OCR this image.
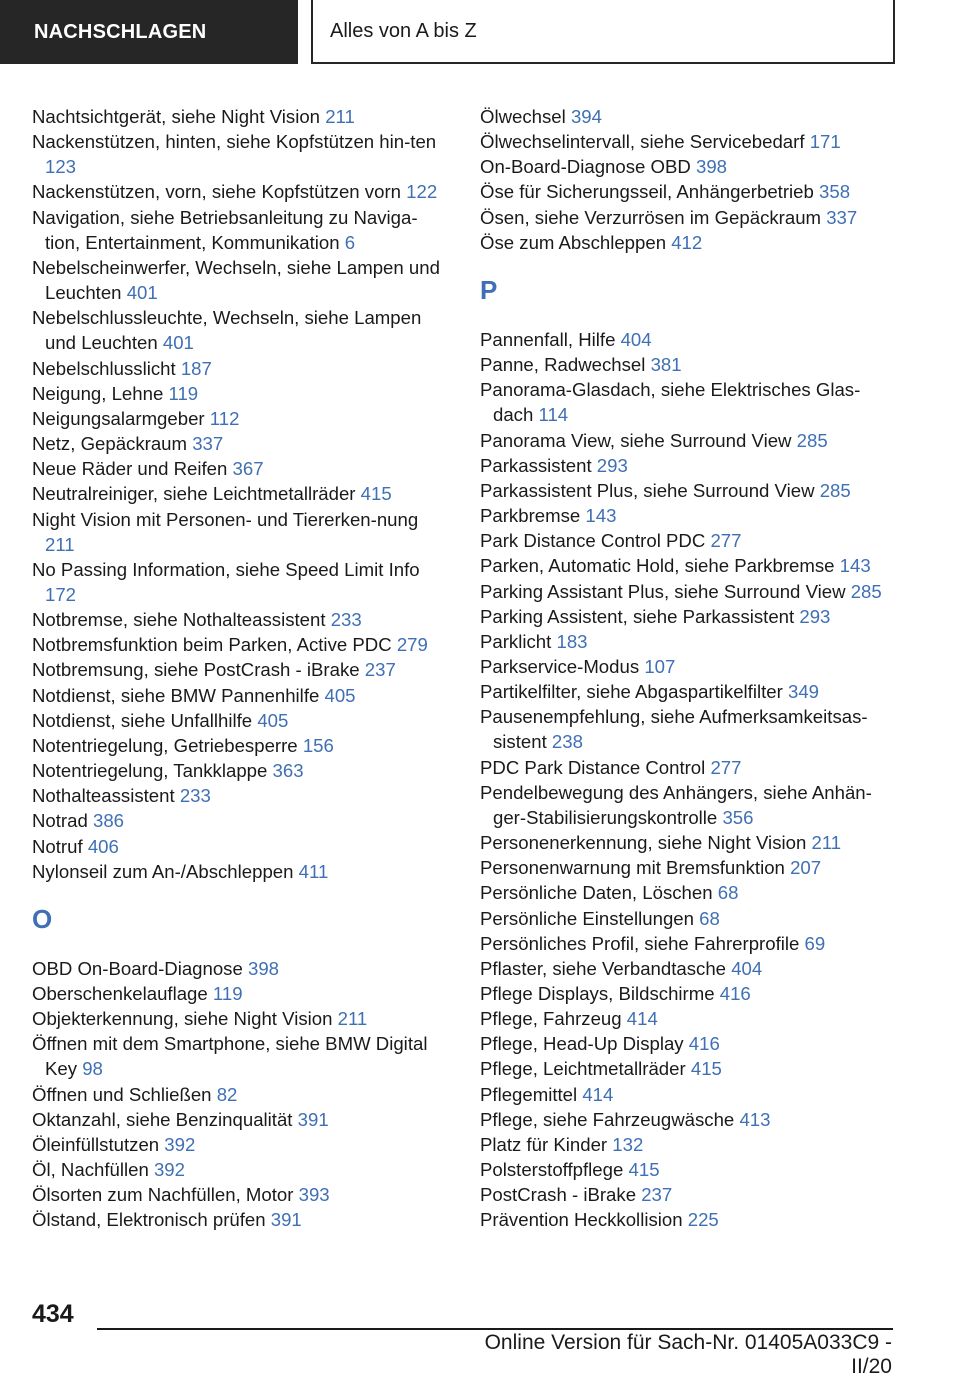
NACHSCHLAGEN	Alles von A bis Z

Nachtsichtgerät, siehe Night Vision 211

Nackenstützen, hinten, siehe Kopfstützen hin‐ten 123

Nackenstützen, vorn, siehe Kopfstützen vorn 122

Navigation, siehe Betriebsanleitung zu Naviga‐tion, Entertainment, Kommunikation 6

Nebelscheinwerfer, Wechseln, siehe Lampen und Leuchten 401

Nebelschlussleuchte, Wechseln, siehe Lampen und Leuchten 401

Nebelschlusslicht 187

Neigung, Lehne 119

Neigungsalarmgeber 112

Netz, Gepäckraum 337

Neue Räder und Reifen 367

Neutralreiniger, siehe Leichtmetallräder 415

Night Vision mit Personen- und Tiererken‐nung 211

No Passing Information, siehe Speed Limit Info 172

Notbremse, siehe Nothalteassistent 233

Notbremsfunktion beim Parken, Active PDC 279

Notbremsung, siehe PostCrash - iBrake 237

Notdienst, siehe BMW Pannenhilfe 405

Notdienst, siehe Unfallhilfe 405

Notentriegelung, Getriebesperre 156

Notentriegelung, Tankklappe 363

Nothalteassistent 233

Notrad 386

Notruf 406

Nylonseil zum An-/Abschleppen 411

O

OBD On-Board-Diagnose 398

Oberschenkelauflage 119

Objekterkennung, siehe Night Vision 211

Öffnen mit dem Smartphone, siehe BMW Digital Key 98

Öffnen und Schließen 82

Oktanzahl, siehe Benzinqualität 391

Öleinfüllstutzen 392

Öl, Nachfüllen 392

Ölsorten zum Nachfüllen, Motor 393

Ölstand, Elektronisch prüfen 391

Ölwechsel 394

Ölwechselintervall, siehe Servicebedarf 171

On-Board-Diagnose OBD 398

Öse für Sicherungsseil, Anhängerbetrieb 358

Ösen, siehe Verzurrösen im Gepäckraum 337

Öse zum Abschleppen 412

P

Pannenfall, Hilfe 404

Panne, Radwechsel 381

Panorama-Glasdach, siehe Elektrisches Glas‐dach 114

Panorama View, siehe Surround View 285

Parkassistent 293

Parkassistent Plus, siehe Surround View 285

Parkbremse 143

Park Distance Control PDC 277

Parken, Automatic Hold, siehe Parkbremse 143

Parking Assistant Plus, siehe Surround View 285

Parking Assistent, siehe Parkassistent 293

Parklicht 183

Parkservice-Modus 107

Partikelfilter, siehe Abgaspartikelfilter 349

Pausenempfehlung, siehe Aufmerksamkeitsas‐sistent 238

PDC Park Distance Control 277

Pendelbewegung des Anhängers, siehe Anhän‐ger-Stabilisierungskontrolle 356

Personenerkennung, siehe Night Vision 211

Personenwarnung mit Bremsfunktion 207

Persönliche Daten, Löschen 68

Persönliche Einstellungen 68

Persönliches Profil, siehe Fahrerprofile 69

Pflaster, siehe Verbandtasche 404

Pflege Displays, Bildschirme 416

Pflege, Fahrzeug 414

Pflege, Head-Up Display 416

Pflege, Leichtmetallräder 415

Pflegemittel 414

Pflege, siehe Fahrzeugwäsche 413

Platz für Kinder 132

Polsterstoffpflege 415

PostCrash - iBrake 237

Prävention Heckkollision 225

434
Online Version für Sach-Nr. 01405A033C9 - II/20
